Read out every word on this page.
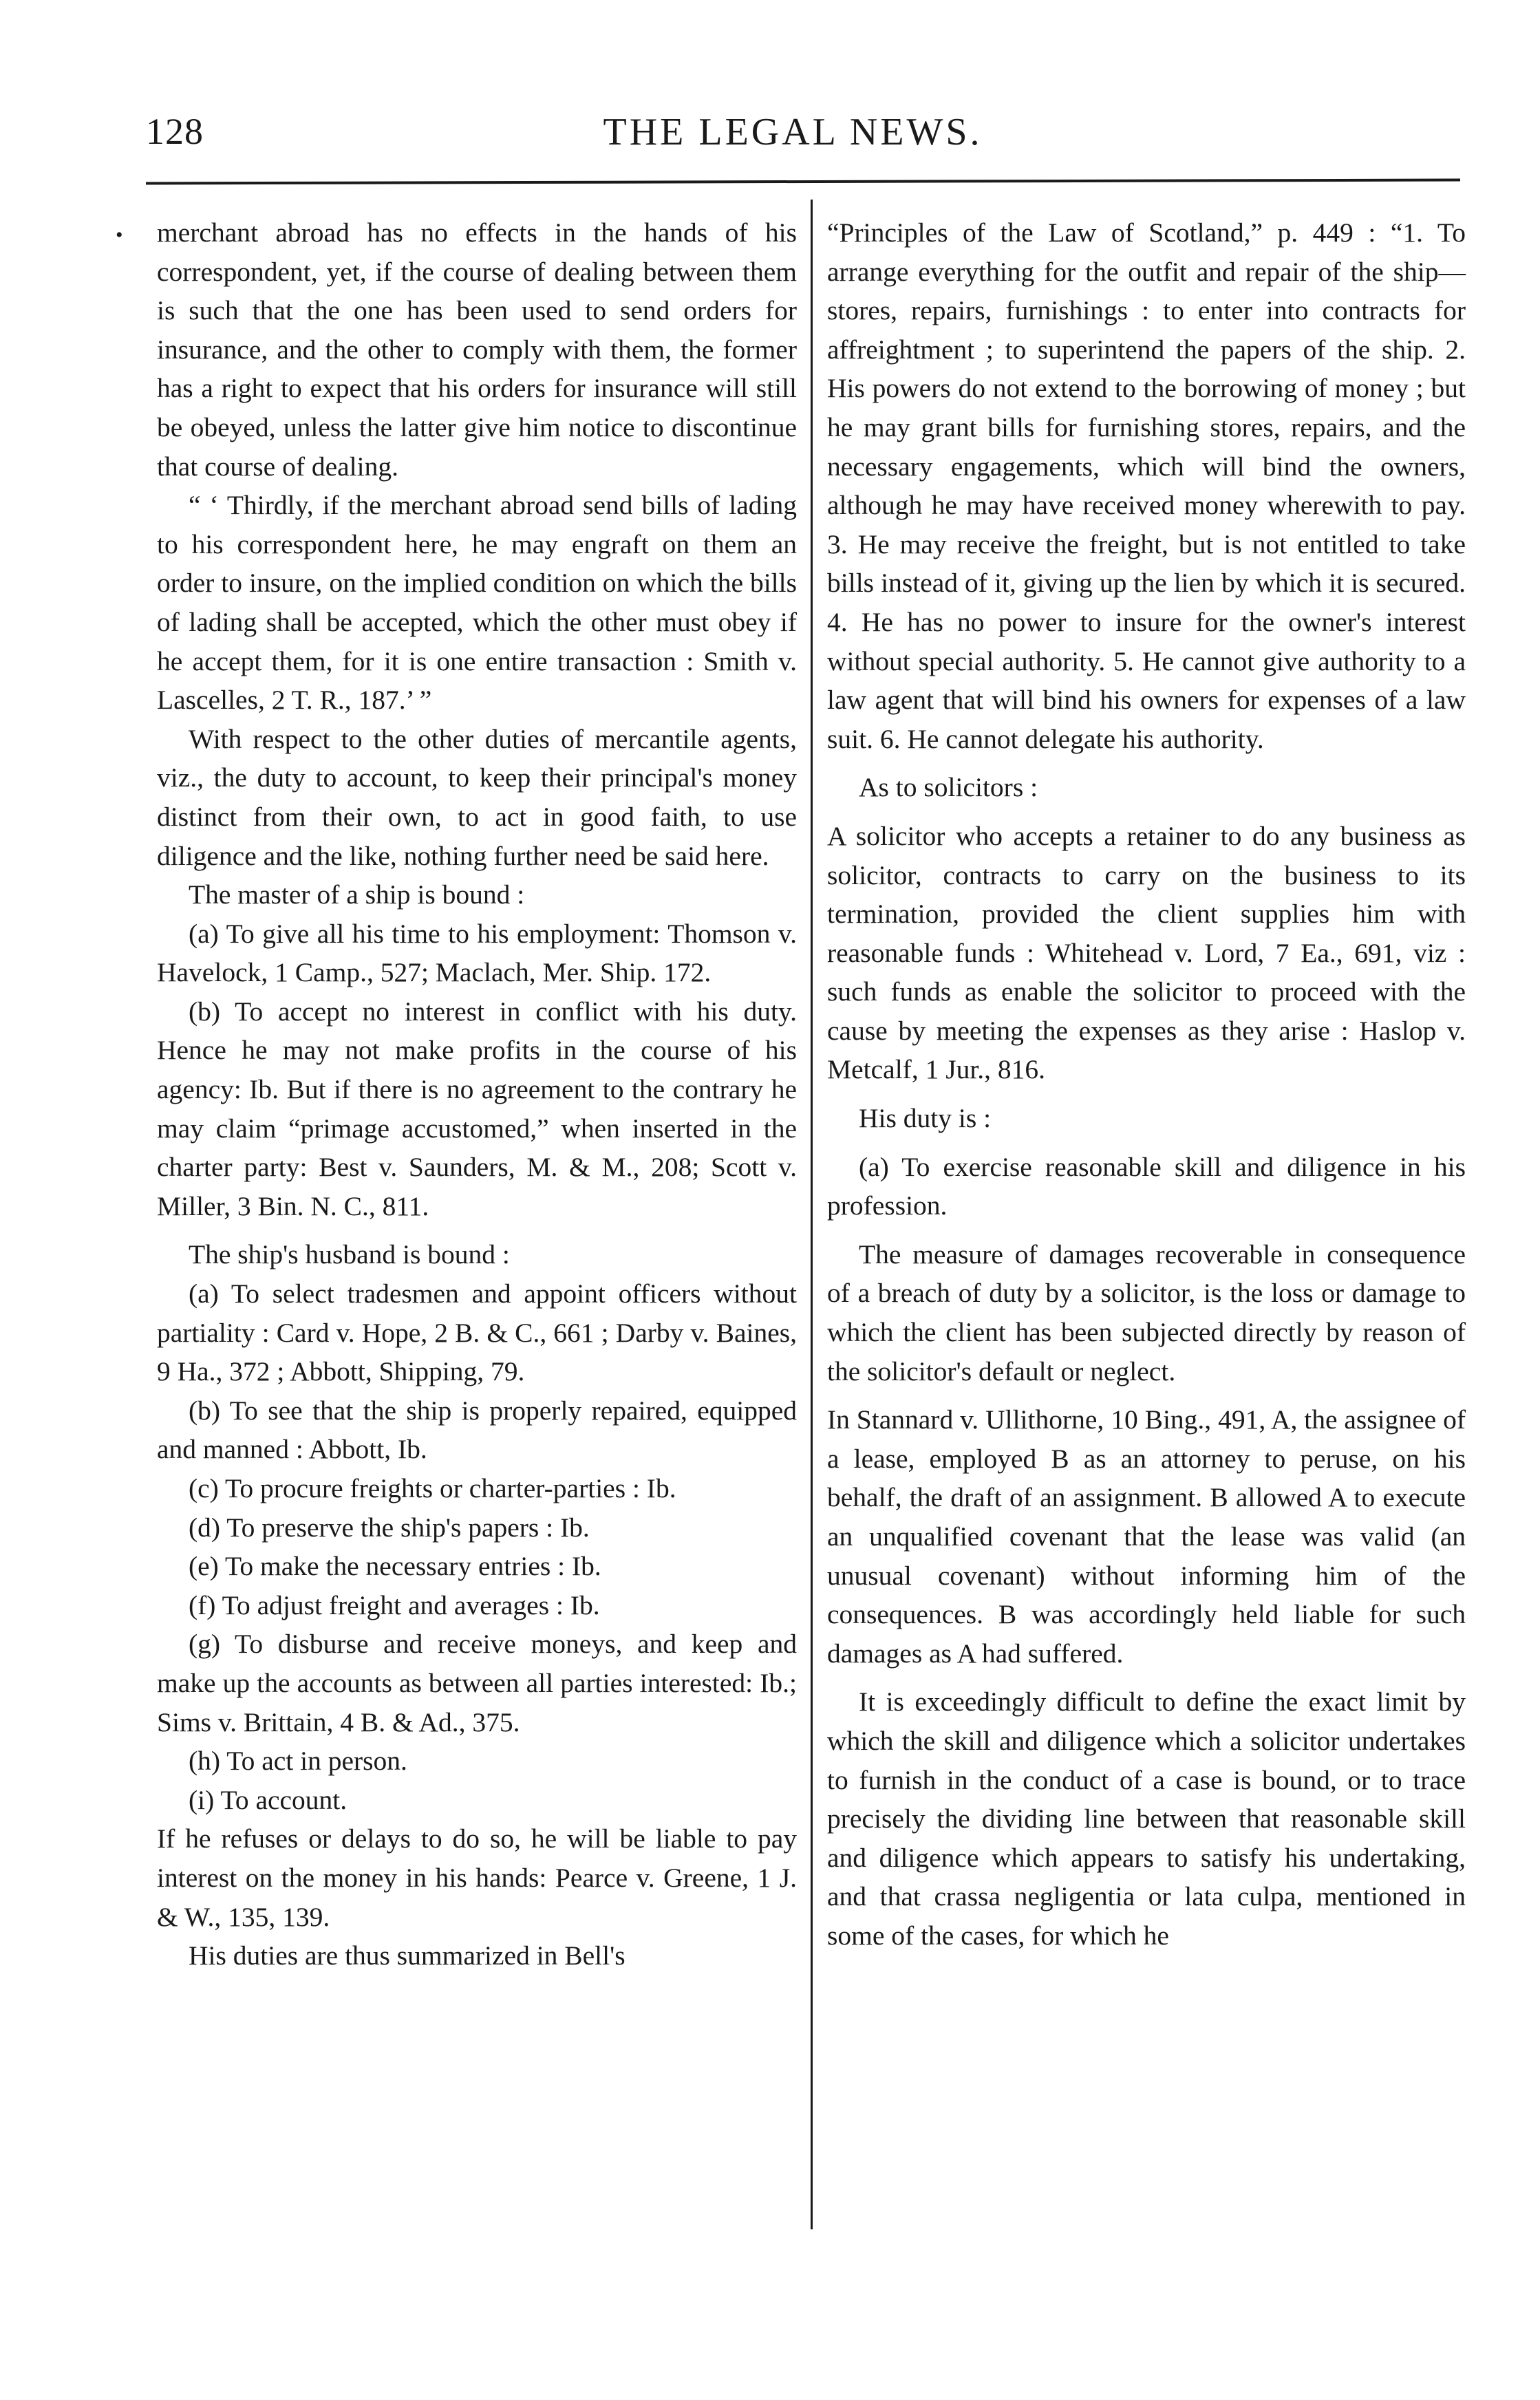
128	THE LEGAL NEWS.
• merchant abroad has no effects in the hands of his correspondent, yet, if the course of dealing between them is such that the one has been used to send orders for insurance, and the other to comply with them, the former has a right to expect that his orders for insurance will still be obeyed, unless the latter give him notice to discontinue that course of dealing.

“ ‘ Thirdly, if the merchant abroad send bills of lading to his correspondent here, he may engraft on them an order to insure, on the implied condition on which the bills of lading shall be accepted, which the other must obey if he accept them, for it is one entire transaction : Smith v. Lascelles, 2 T. R., 187.’ ”

With respect to the other duties of mercantile agents, viz., the duty to account, to keep their principal's money distinct from their own, to act in good faith, to use diligence and the like, nothing further need be said here.

The master of a ship is bound :

(a) To give all his time to his employment: Thomson v. Havelock, 1 Camp., 527; Maclach, Mer. Ship. 172.

(b) To accept no interest in conflict with his duty. Hence he may not make profits in the course of his agency: Ib. But if there is no agreement to the contrary he may claim “primage accustomed,” when inserted in the charter party: Best v. Saunders, M. & M., 208; Scott v. Miller, 3 Bin. N. C., 811.

The ship's husband is bound :

(a) To select tradesmen and appoint officers without partiality : Card v. Hope, 2 B. & C., 661 ; Darby v. Baines, 9 Ha., 372 ; Abbott, Shipping, 79.

(b) To see that the ship is properly repaired, equipped and manned : Abbott, Ib.

(c) To procure freights or charter-parties : Ib.

(d) To preserve the ship's papers : Ib.

(e) To make the necessary entries : Ib.

(f) To adjust freight and averages : Ib.

(g) To disburse and receive moneys, and keep and make up the accounts as between all parties interested: Ib.; Sims v. Brittain, 4 B. & Ad., 375.

(h) To act in person.

(i) To account.

If he refuses or delays to do so, he will be liable to pay interest on the money in his hands: Pearce v. Greene, 1 J. & W., 135, 139.

His duties are thus summarized in Bell's

“Principles of the Law of Scotland,” p. 449 : “1. To arrange everything for the outfit and repair of the ship—stores, repairs, furnishings : to enter into contracts for affreightment ; to superintend the papers of the ship. 2. His powers do not extend to the borrowing of money ; but he may grant bills for furnishing stores, repairs, and the necessary engagements, which will bind the owners, although he may have received money wherewith to pay. 3. He may receive the freight, but is not entitled to take bills instead of it, giving up the lien by which it is secured. 4. He has no power to insure for the owner's interest without special authority. 5. He cannot give authority to a law agent that will bind his owners for expenses of a law suit. 6. He cannot delegate his authority.

As to solicitors :

A solicitor who accepts a retainer to do any business as solicitor, contracts to carry on the business to its termination, provided the client supplies him with reasonable funds : Whitehead v. Lord, 7 Ea., 691, viz : such funds as enable the solicitor to proceed with the cause by meeting the expenses as they arise : Haslop v. Metcalf, 1 Jur., 816.

His duty is :

(a) To exercise reasonable skill and diligence in his profession.

The measure of damages recoverable in consequence of a breach of duty by a solicitor, is the loss or damage to which the client has been subjected directly by reason of the solicitor's default or neglect.

In Stannard v. Ullithorne, 10 Bing., 491, A, the assignee of a lease, employed B as an attorney to peruse, on his behalf, the draft of an assignment. B allowed A to execute an unqualified covenant that the lease was valid (an unusual covenant) without informing him of the consequences. B was accordingly held liable for such damages as A had suffered.

It is exceedingly difficult to define the exact limit by which the skill and diligence which a solicitor undertakes to furnish in the conduct of a case is bound, or to trace precisely the dividing line between that reasonable skill and diligence which appears to satisfy his undertaking, and that crassa negligentia or lata culpa, mentioned in some of the cases, for which he
